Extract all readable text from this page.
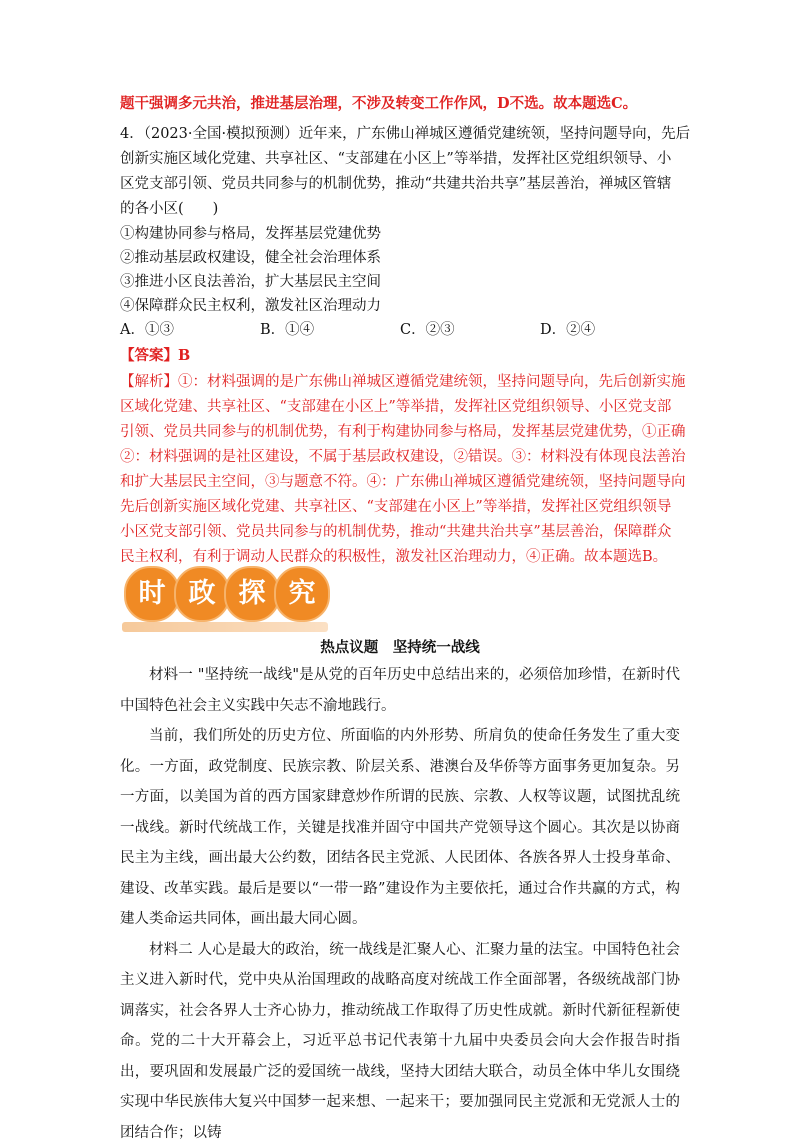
题干强调多元共治，推进基层治理，不涉及转变工作作风，D不选。故本题选C。
4．（2023·全国·模拟预测）近年来，广东佛山禅城区遵循党建统领，坚持问题导向，先后
创新实施区域化党建、共享社区、“支部建在小区上”等举措，发挥社区党组织领导、小
区党支部引领、党员共同参与的机制优势，推动“共建共治共享”基层善治，禅城区管辖
的各小区(　　)
①构建协同参与格局，发挥基层党建优势
②推动基层政权建设，健全社会治理体系
③推进小区良法善治，扩大基层民主空间
④保障群众民主权利，激发社区治理动力
A．①③	B．①④	C．②③	D．②④
【答案】B
【解析】①：材料强调的是广东佛山禅城区遵循党建统领，坚持问题导向，先后创新实施
区域化党建、共享社区、“支部建在小区上”等举措，发挥社区党组织领导、小区党支部
引领、党员共同参与的机制优势，有利于构建协同参与格局，发挥基层党建优势，①正确
②：材料强调的是社区建设，不属于基层政权建设，②错误。③：材料没有体现良法善治
和扩大基层民主空间，③与题意不符。④：广东佛山禅城区遵循党建统领，坚持问题导向
先后创新实施区域化党建、共享社区、“支部建在小区上”等举措，发挥社区党组织领导
小区党支部引领、党员共同参与的机制优势，推动“共建共治共享”基层善治，保障群众
民主权利，有利于调动人民群众的积极性，激发社区治理动力，④正确。故本题选B。
时 政 探 究
热点议题　坚持统一战线

材料一 "坚持统一战线"是从党的百年历史中总结出来的，必须倍加珍惜，在新时代中国特色社会主义实践中矢志不渝地践行。

当前，我们所处的历史方位、所面临的内外形势、所肩负的使命任务发生了重大变化。一方面，政党制度、民族宗教、阶层关系、港澳台及华侨等方面事务更加复杂。另一方面，以美国为首的西方国家肆意炒作所谓的民族、宗教、人权等议题，试图扰乱统一战线。新时代统战工作，关键是找准并固守中国共产党领导这个圆心。其次是以协商民主为主线，画出最大公约数，团结各民主党派、人民团体、各族各界人士投身革命、建设、改革实践。最后是要以“一带一路”建设作为主要依托，通过合作共赢的方式，构建人类命运共同体，画出最大同心圆。

材料二 人心是最大的政治，统一战线是汇聚人心、汇聚力量的法宝。中国特色社会主义进入新时代，党中央从治国理政的战略高度对统战工作全面部署，各级统战部门协调落实，社会各界人士齐心协力，推动统战工作取得了历史性成就。新时代新征程新使命。党的二十大开幕会上，习近平总书记代表第十九届中央委员会向大会作报告时指出，要巩固和发展最广泛的爱国统一战线，坚持大团结大联合，动员全体中华儿女围绕实现中华民族伟大复兴中国梦一起来想、一起来干；要加强同民主党派和无党派人士的团结合作；以铸
